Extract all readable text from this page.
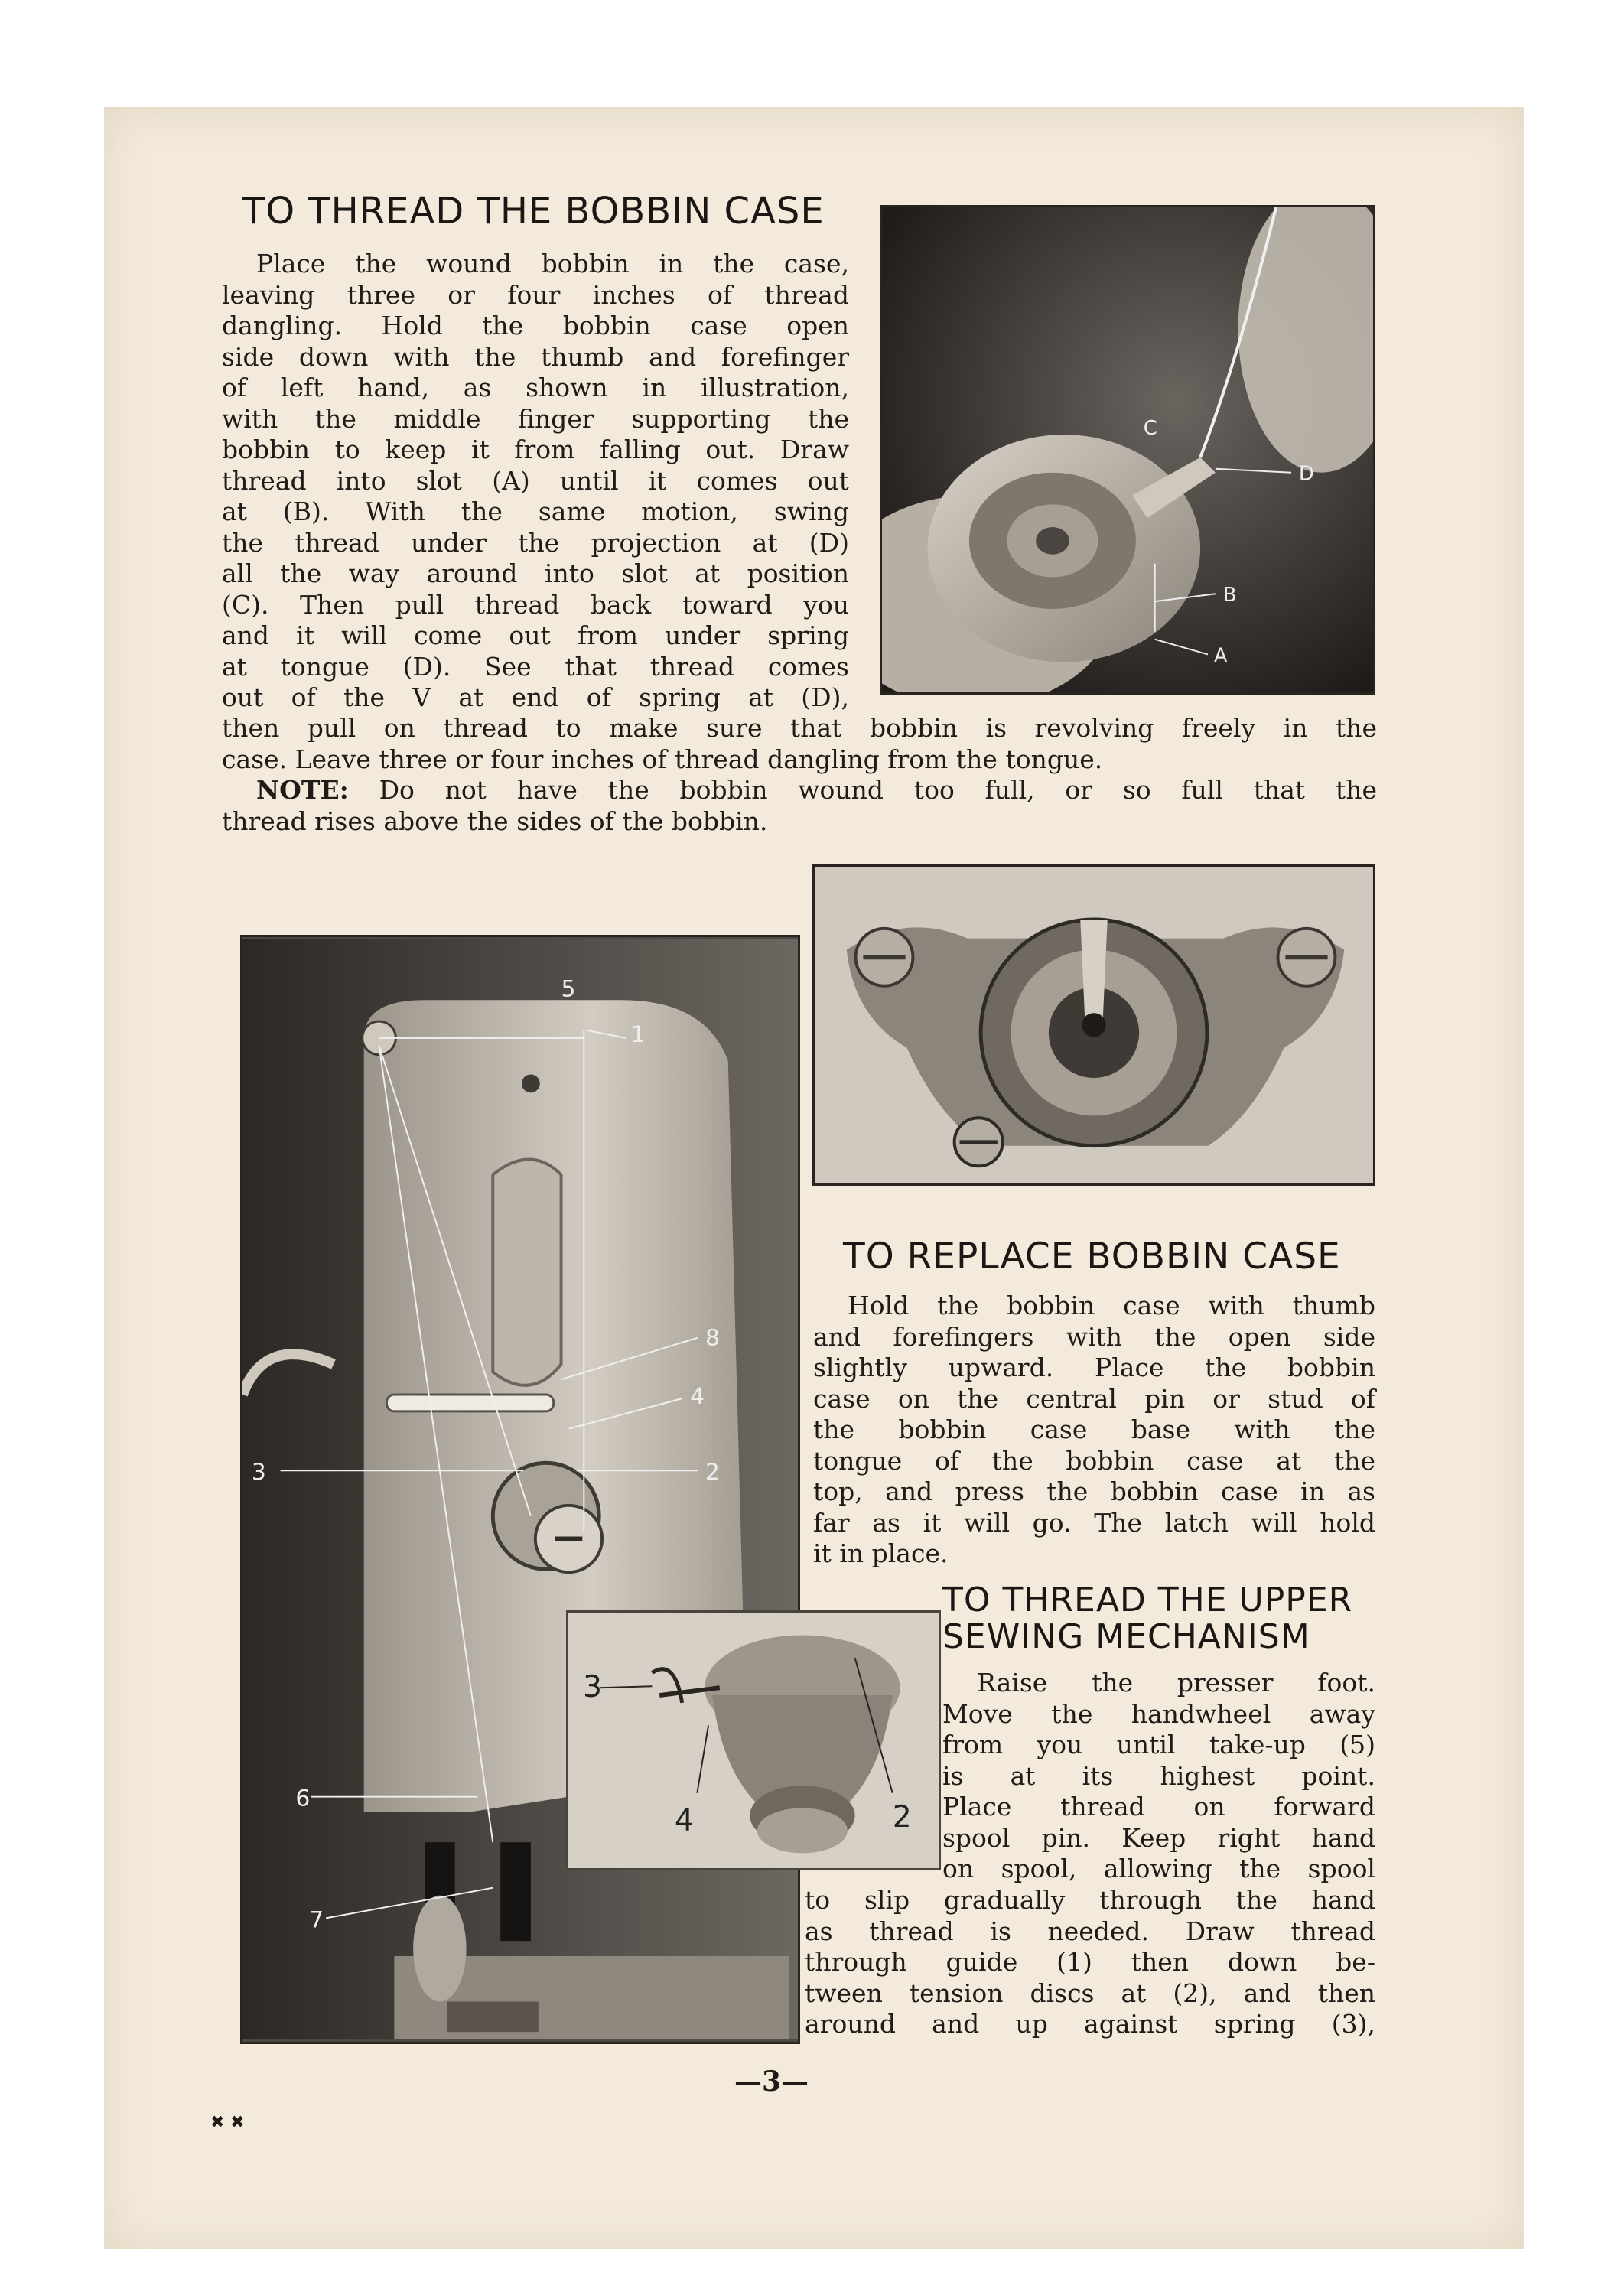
TO THREAD THE BOBBIN CASE
Place the wound bobbin in the case,
leaving three or four inches of thread
dangling. Hold the bobbin case open
side down with the thumb and forefinger
of left hand, as shown in illustration,
with the middle finger supporting the
bobbin to keep it from falling out. Draw
thread into slot (A) until it comes out
at (B). With the same motion, swing
the thread under the projection at (D)
all the way around into slot at position
(C). Then pull thread back toward you
and it will come out from under spring
at tongue (D). See that thread comes
out of the V at end of spring at (D),
then pull on thread to make sure that bobbin is revolving freely in the
case. Leave three or four inches of thread dangling from the tongue.
NOTE: Do not have the bobbin wound too full, or so full that the
thread rises above the sides of the bobbin.
C
D
B
A
TO REPLACE BOBBIN CASE
Hold the bobbin case with thumb
and forefingers with the open side
slightly upward. Place the bobbin
case on the central pin or stud of
the bobbin case base with the
tongue of the bobbin case at the
top, and press the bobbin case in as
far as it will go. The latch will hold
it in place.
5
1
8
4
3	2
6
7
3
4	2
TO THREAD THE UPPER
SEWING MECHANISM
Raise the presser foot.
Move the handwheel away
from you until take-up (5)
is at its highest point.
Place thread on forward
spool pin. Keep right hand
on spool, allowing the spool
to slip gradually through the hand
as thread is needed. Draw thread
through guide (1) then down be-
tween tension discs at (2), and then
around and up against spring (3),
—3—
✖ ✖
